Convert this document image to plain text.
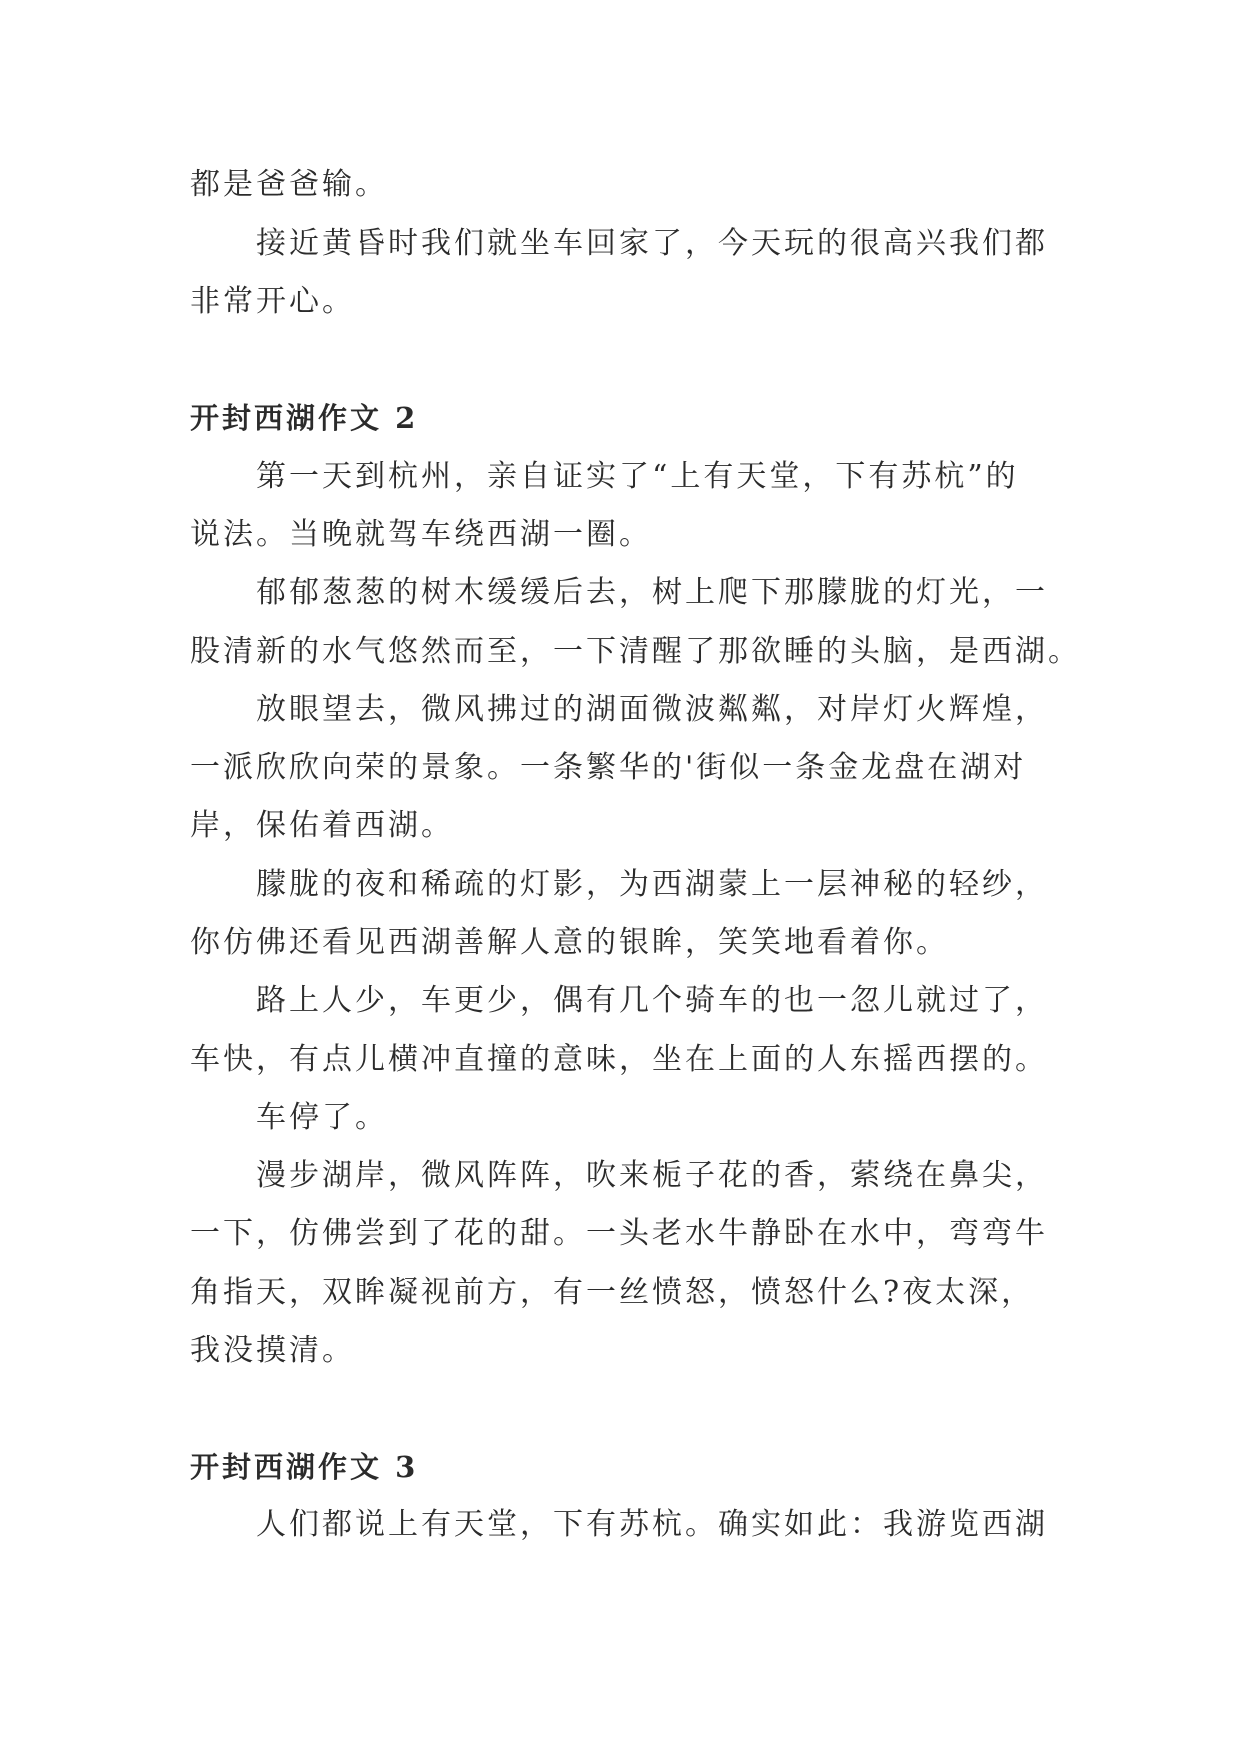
都是爸爸输。

接近黄昏时我们就坐车回家了，今天玩的很高兴我们都

非常开心。

开封西湖作文 2

第一天到杭州，亲自证实了“上有天堂，下有苏杭”的

说法。当晚就驾车绕西湖一圈。

郁郁葱葱的树木缓缓后去，树上爬下那朦胧的灯光，一

股清新的水气悠然而至，一下清醒了那欲睡的头脑，是西湖。

放眼望去，微风拂过的湖面微波粼粼，对岸灯火辉煌，

一派欣欣向荣的景象。一条繁华的'街似一条金龙盘在湖对

岸，保佑着西湖。

朦胧的夜和稀疏的灯影，为西湖蒙上一层神秘的轻纱，

你仿佛还看见西湖善解人意的银眸，笑笑地看着你。

路上人少，车更少，偶有几个骑车的也一忽儿就过了，

车快，有点儿横冲直撞的意味，坐在上面的人东摇西摆的。

车停了。

漫步湖岸，微风阵阵，吹来栀子花的香，萦绕在鼻尖，

一下，仿佛尝到了花的甜。一头老水牛静卧在水中，弯弯牛

角指天，双眸凝视前方，有一丝愤怒，愤怒什么?夜太深，

我没摸清。

开封西湖作文 3

人们都说上有天堂，下有苏杭。确实如此：我游览西湖
